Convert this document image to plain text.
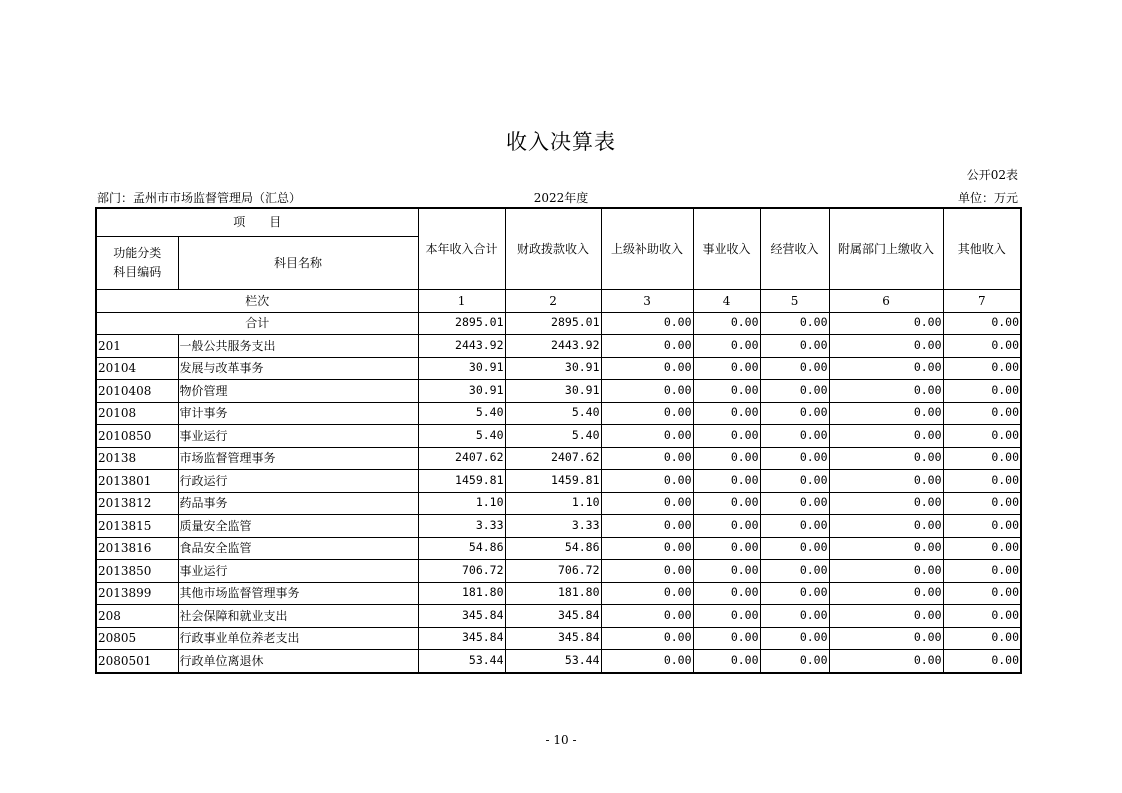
收入决算表
公开02表
部门：孟州市市场监督管理局（汇总）	2022年度	单位：万元
项　　目		本年收入合计	财政拨款收入	上级补助收入	事业收入	经营收入	附属部门上缴收入	其他收入
功能分类
科目编码	科目名称							
栏次		1	2	3	4	5	6	7
合计		2895.01	2895.01	0.00	0.00	0.00	0.00	0.00
201	一般公共服务支出	2443.92	2443.92	0.00	0.00	0.00	0.00	0.00
20104	发展与改革事务	30.91	30.91	0.00	0.00	0.00	0.00	0.00
2010408	物价管理	30.91	30.91	0.00	0.00	0.00	0.00	0.00
20108	审计事务	5.40	5.40	0.00	0.00	0.00	0.00	0.00
2010850	事业运行	5.40	5.40	0.00	0.00	0.00	0.00	0.00
20138	市场监督管理事务	2407.62	2407.62	0.00	0.00	0.00	0.00	0.00
2013801	行政运行	1459.81	1459.81	0.00	0.00	0.00	0.00	0.00
2013812	药品事务	1.10	1.10	0.00	0.00	0.00	0.00	0.00
2013815	质量安全监管	3.33	3.33	0.00	0.00	0.00	0.00	0.00
2013816	食品安全监管	54.86	54.86	0.00	0.00	0.00	0.00	0.00
2013850	事业运行	706.72	706.72	0.00	0.00	0.00	0.00	0.00
2013899	其他市场监督管理事务	181.80	181.80	0.00	0.00	0.00	0.00	0.00
208	社会保障和就业支出	345.84	345.84	0.00	0.00	0.00	0.00	0.00
20805	行政事业单位养老支出	345.84	345.84	0.00	0.00	0.00	0.00	0.00
2080501	行政单位离退休	53.44	53.44	0.00	0.00	0.00	0.00	0.00
- 10 -
